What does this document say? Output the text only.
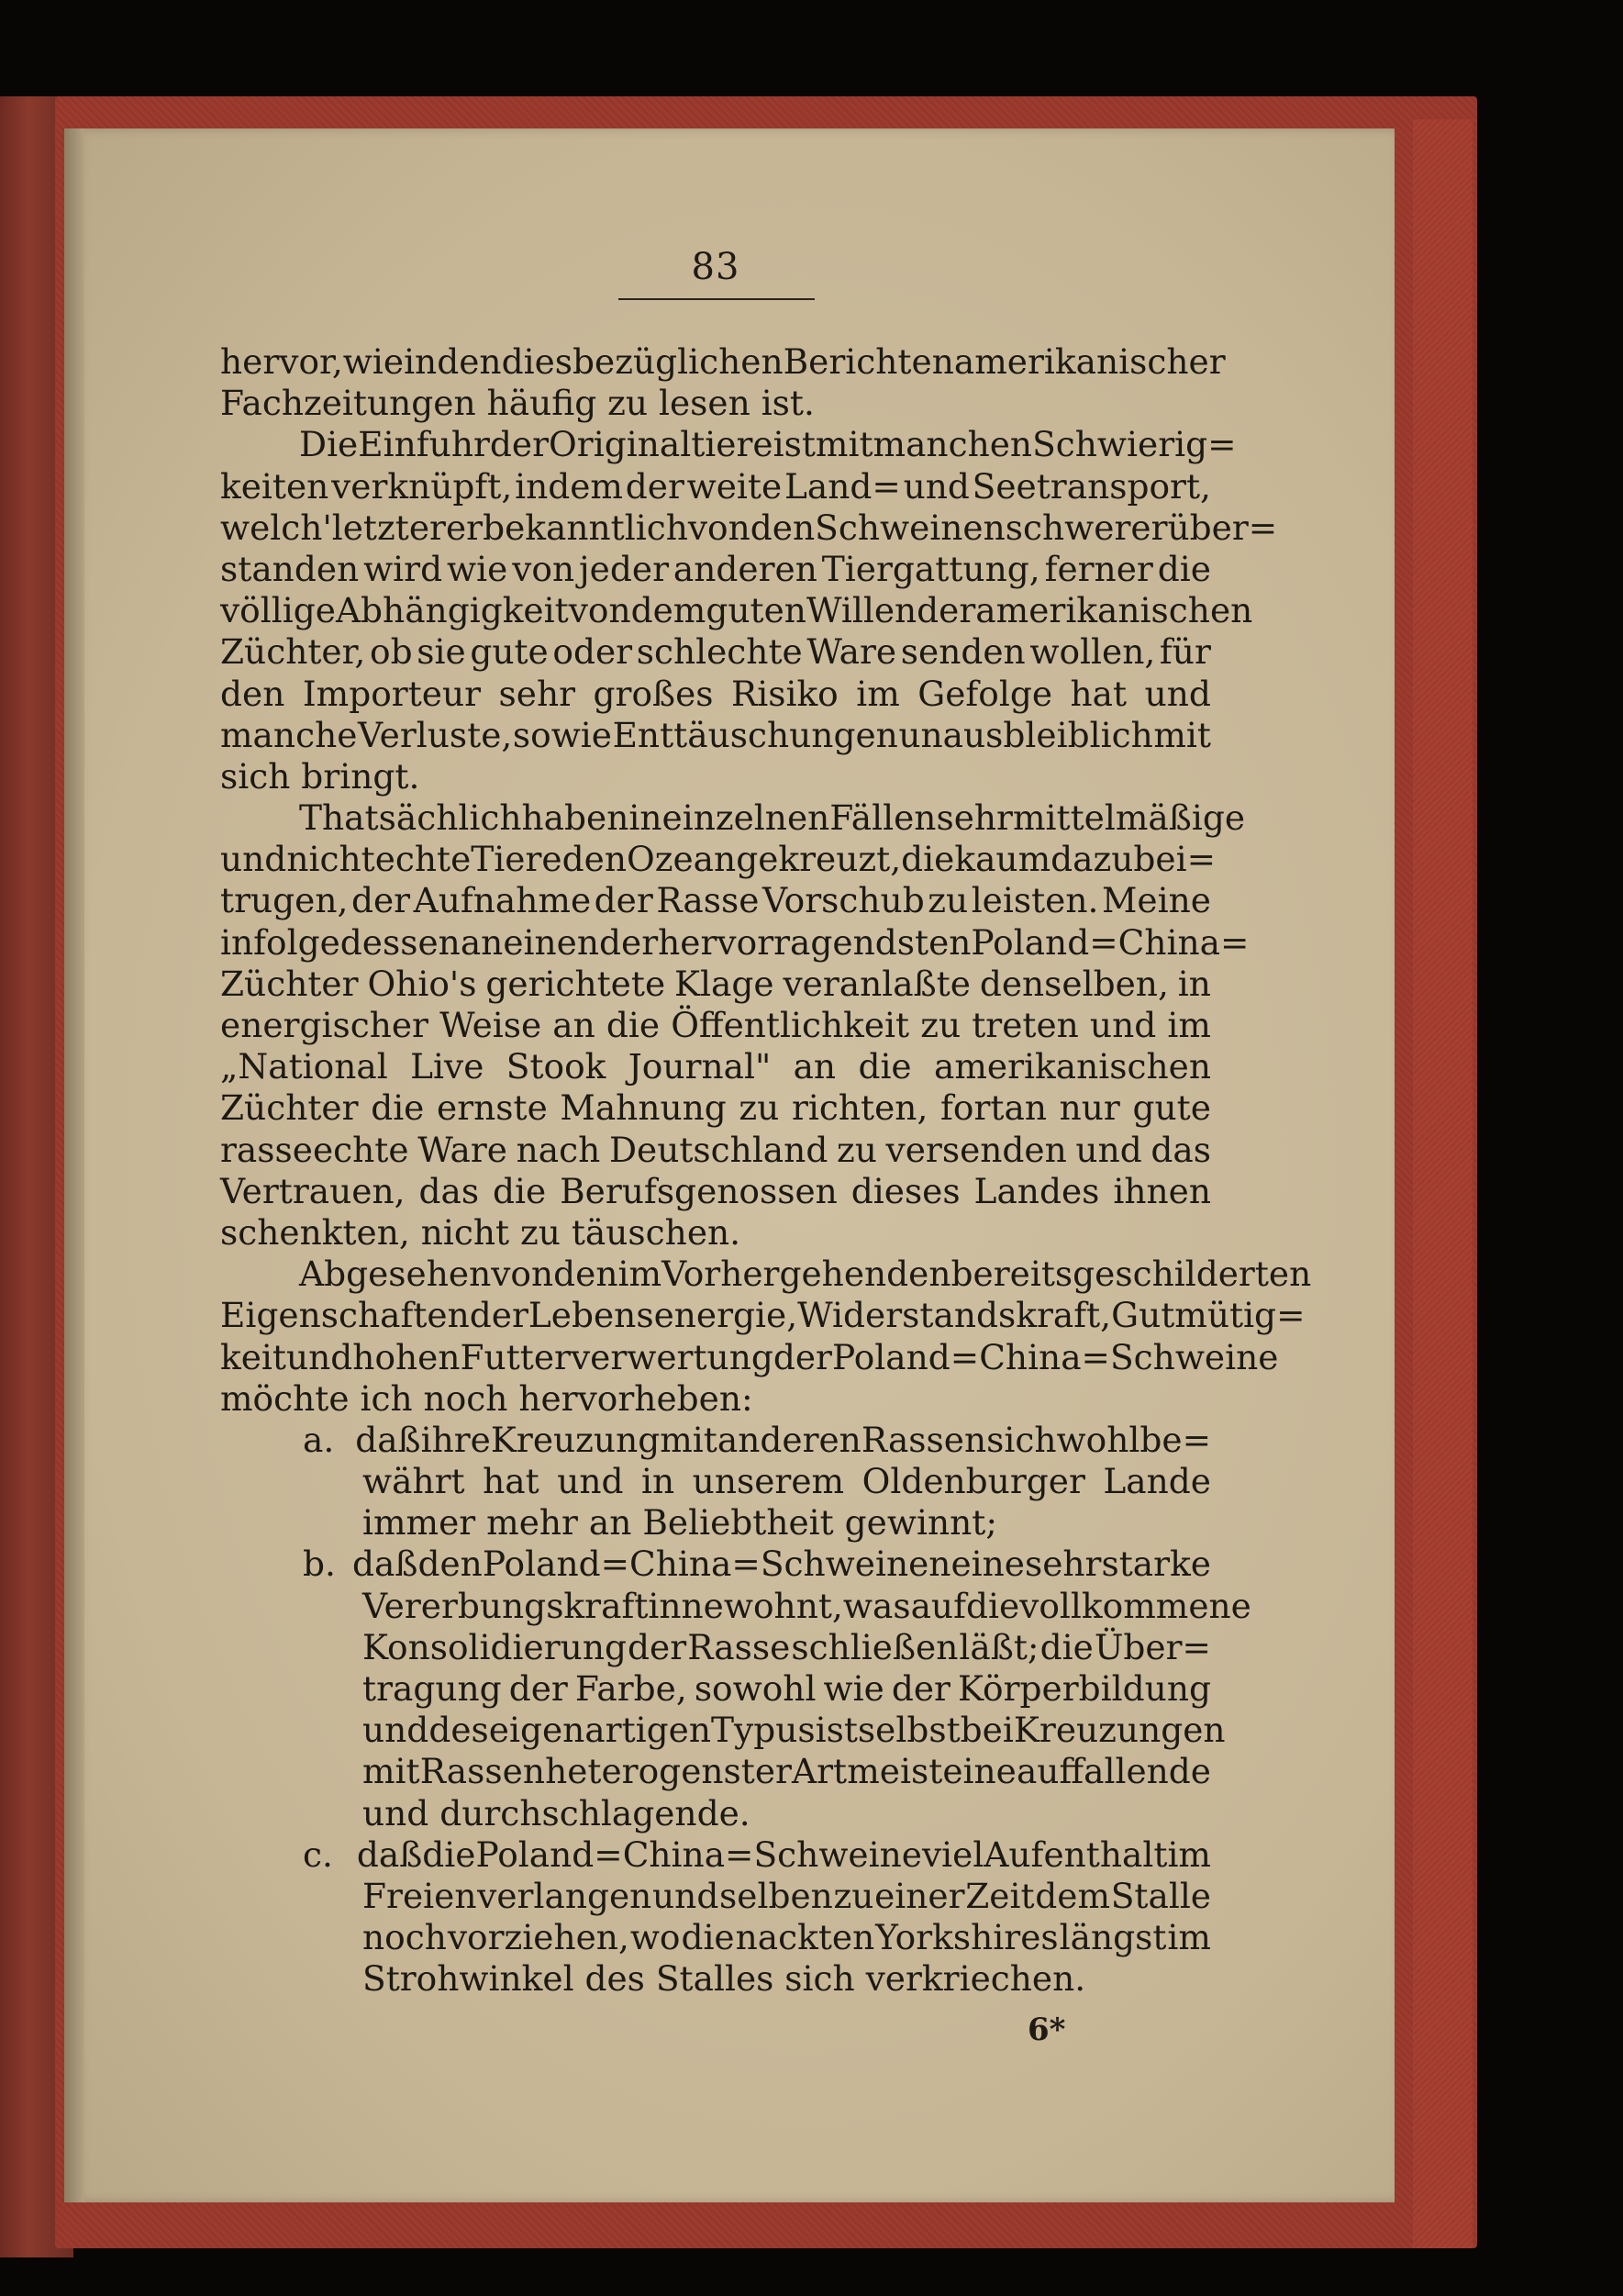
83
hervor, wie in den diesbezüglichen Berichten amerikanischer
Fachzeitungen häufig zu lesen ist.
Die Einfuhr der Originaltiere ist mit manchen Schwierig=
keiten verknüpft, indem der weite Land= und Seetransport,
welch' letzterer bekanntlich von den Schweinen schwerer über=
standen wird wie von jeder anderen Tiergattung, ferner die
völlige Abhängigkeit von dem guten Willen der amerikanischen
Züchter, ob sie gute oder schlechte Ware senden wollen, für
den Importeur sehr großes Risiko im Gefolge hat und
manche Verluste, sowie Enttäuschungen unausbleiblich mit
sich bringt.
Thatsächlich haben in einzelnen Fällen sehr mittelmäßige
und nicht echte Tiere den Ozean gekreuzt, die kaum dazu bei=
trugen, der Aufnahme der Rasse Vorschub zu leisten. Meine
infolge dessen an einen der hervorragendsten Poland=China=
Züchter Ohio's gerichtete Klage veranlaßte denselben, in
energischer Weise an die Öffentlichkeit zu treten und im
„National Live Stook Journal" an die amerikanischen
Züchter die ernste Mahnung zu richten, fortan nur gute
rasseechte Ware nach Deutschland zu versenden und das
Vertrauen, das die Berufsgenossen dieses Landes ihnen
schenkten, nicht zu täuschen.
Abgesehen von den im Vorhergehenden bereits geschilderten
Eigenschaften der Lebensenergie, Widerstandskraft, Gutmütig=
keit und hohen Futterverwertung der Poland=China=Schweine
möchte ich noch hervorheben:
a. daß ihre Kreuzung mit anderen Rassen sich wohl be=
währt hat und in unserem Oldenburger Lande
immer mehr an Beliebtheit gewinnt;
b. daß den Poland=China=Schweinen eine sehr starke
Vererbungskraft innewohnt, was auf die vollkommene
Konsolidierung der Rasse schließen läßt; die Über=
tragung der Farbe, sowohl wie der Körperbildung
und des eigenartigen Typus ist selbst bei Kreuzungen
mit Rassen heterogenster Art meist eine auffallende
und durchschlagende.
c. daß die Poland=China=Schweine viel Aufenthalt im
Freien verlangen und selben zu einer Zeit dem Stalle
noch vorziehen, wo die nackten Yorkshires längst im
Strohwinkel des Stalles sich verkriechen.
6*
